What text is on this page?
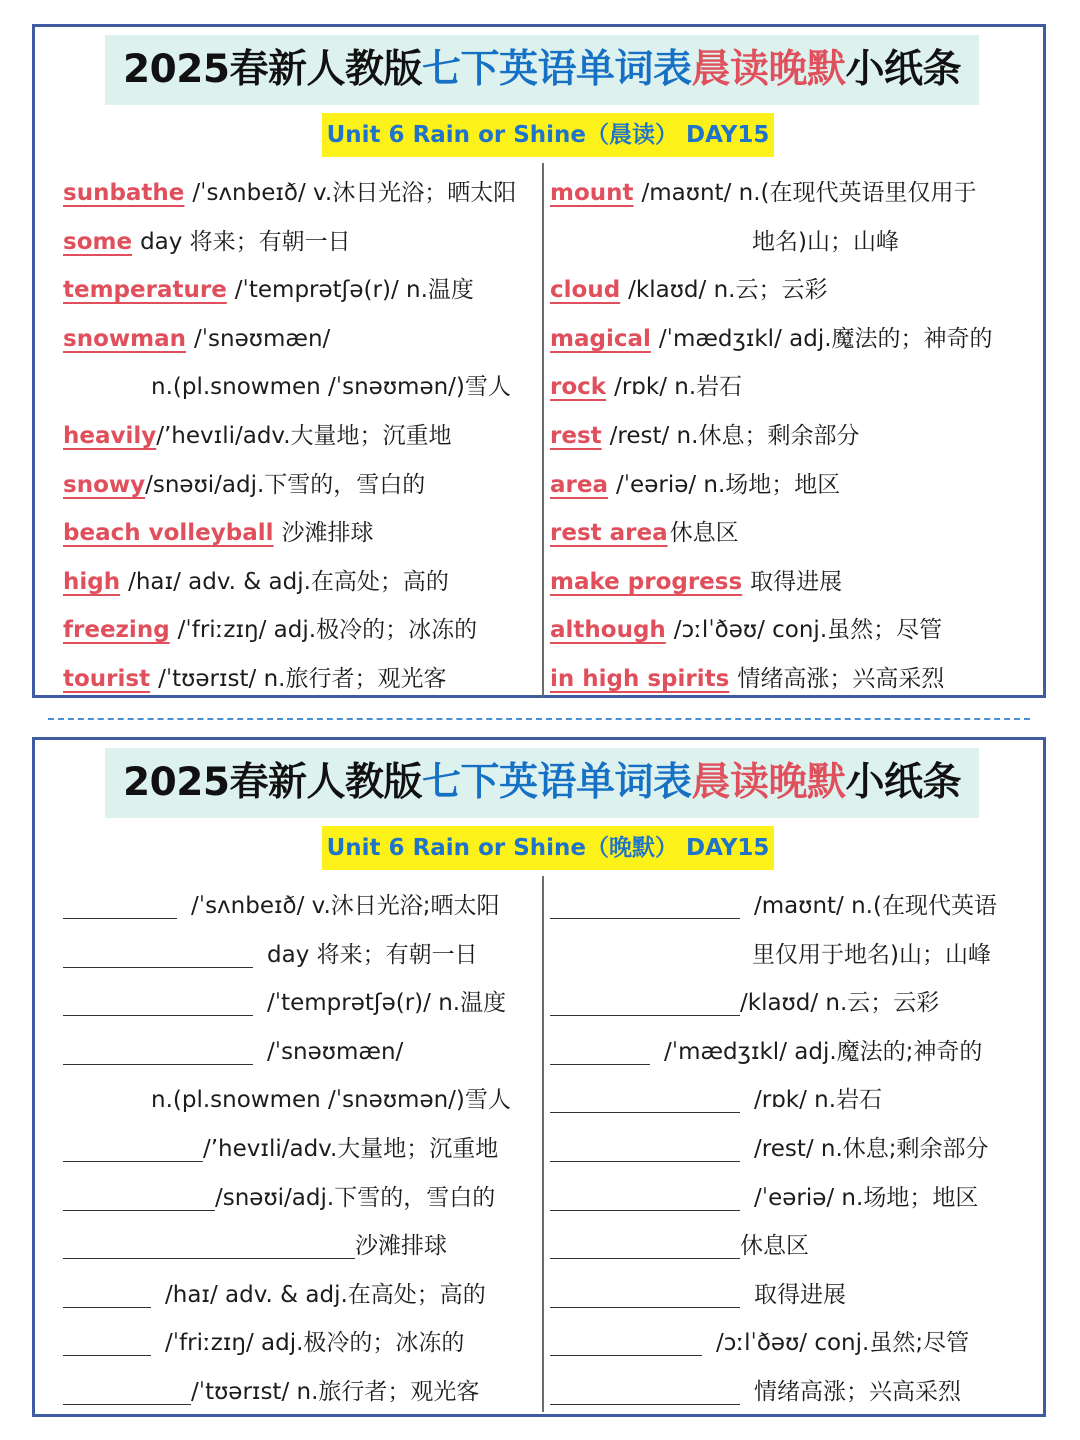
2025春新人教版七下英语单词表晨读晚默小纸条
Unit 6 Rain or Shine（晨读） DAY15
sunbathe /ˈsʌnbeɪð/ v.沐日光浴；晒太阳
some day 将来；有朝一日
temperature /ˈtemprətʃə(r)/ n.温度
snowman /ˈsnəʊmæn/
n.(pl.snowmen /ˈsnəʊmən/)雪人
heavily/’hevɪli/adv.大量地；沉重地
snowy/snəʊi/adj.下雪的，雪白的
beach volleyball 沙滩排球
high /haɪ/ adv. & adj.在高处；高的
freezing /ˈfriːzɪŋ/ adj.极冷的；冰冻的
tourist /ˈtʊərɪst/ n.旅行者；观光客
mount /maʊnt/ n.(在现代英语里仅用于
地名)山；山峰
cloud /klaʊd/ n.云；云彩
magical /ˈmædʒɪkl/ adj.魔法的；神奇的
rock /rɒk/ n.岩石
rest /rest/ n.休息；剩余部分
area /ˈeəriə/ n.场地；地区
rest area休息区
make progress 取得进展
although /ɔːlˈðəʊ/ conj.虽然；尽管
in high spirits 情绪高涨；兴高采烈
2025春新人教版七下英语单词表晨读晚默小纸条
Unit 6 Rain or Shine（晚默） DAY15
/ˈsʌnbeɪð/ v.沐日光浴;晒太阳
day 将来；有朝一日
/ˈtemprətʃə(r)/ n.温度
/ˈsnəʊmæn/
n.(pl.snowmen /ˈsnəʊmən/)雪人
/’hevɪli/adv.大量地；沉重地
/snəʊi/adj.下雪的，雪白的
沙滩排球
/haɪ/ adv. & adj.在高处；高的
/ˈfriːzɪŋ/ adj.极冷的；冰冻的
/ˈtʊərɪst/ n.旅行者；观光客
/maʊnt/ n.(在现代英语
里仅用于地名)山；山峰
/klaʊd/ n.云；云彩
/ˈmædʒɪkl/ adj.魔法的;神奇的
/rɒk/ n.岩石
/rest/ n.休息;剩余部分
/ˈeəriə/ n.场地；地区
休息区
取得进展
/ɔːlˈðəʊ/ conj.虽然;尽管
情绪高涨；兴高采烈
